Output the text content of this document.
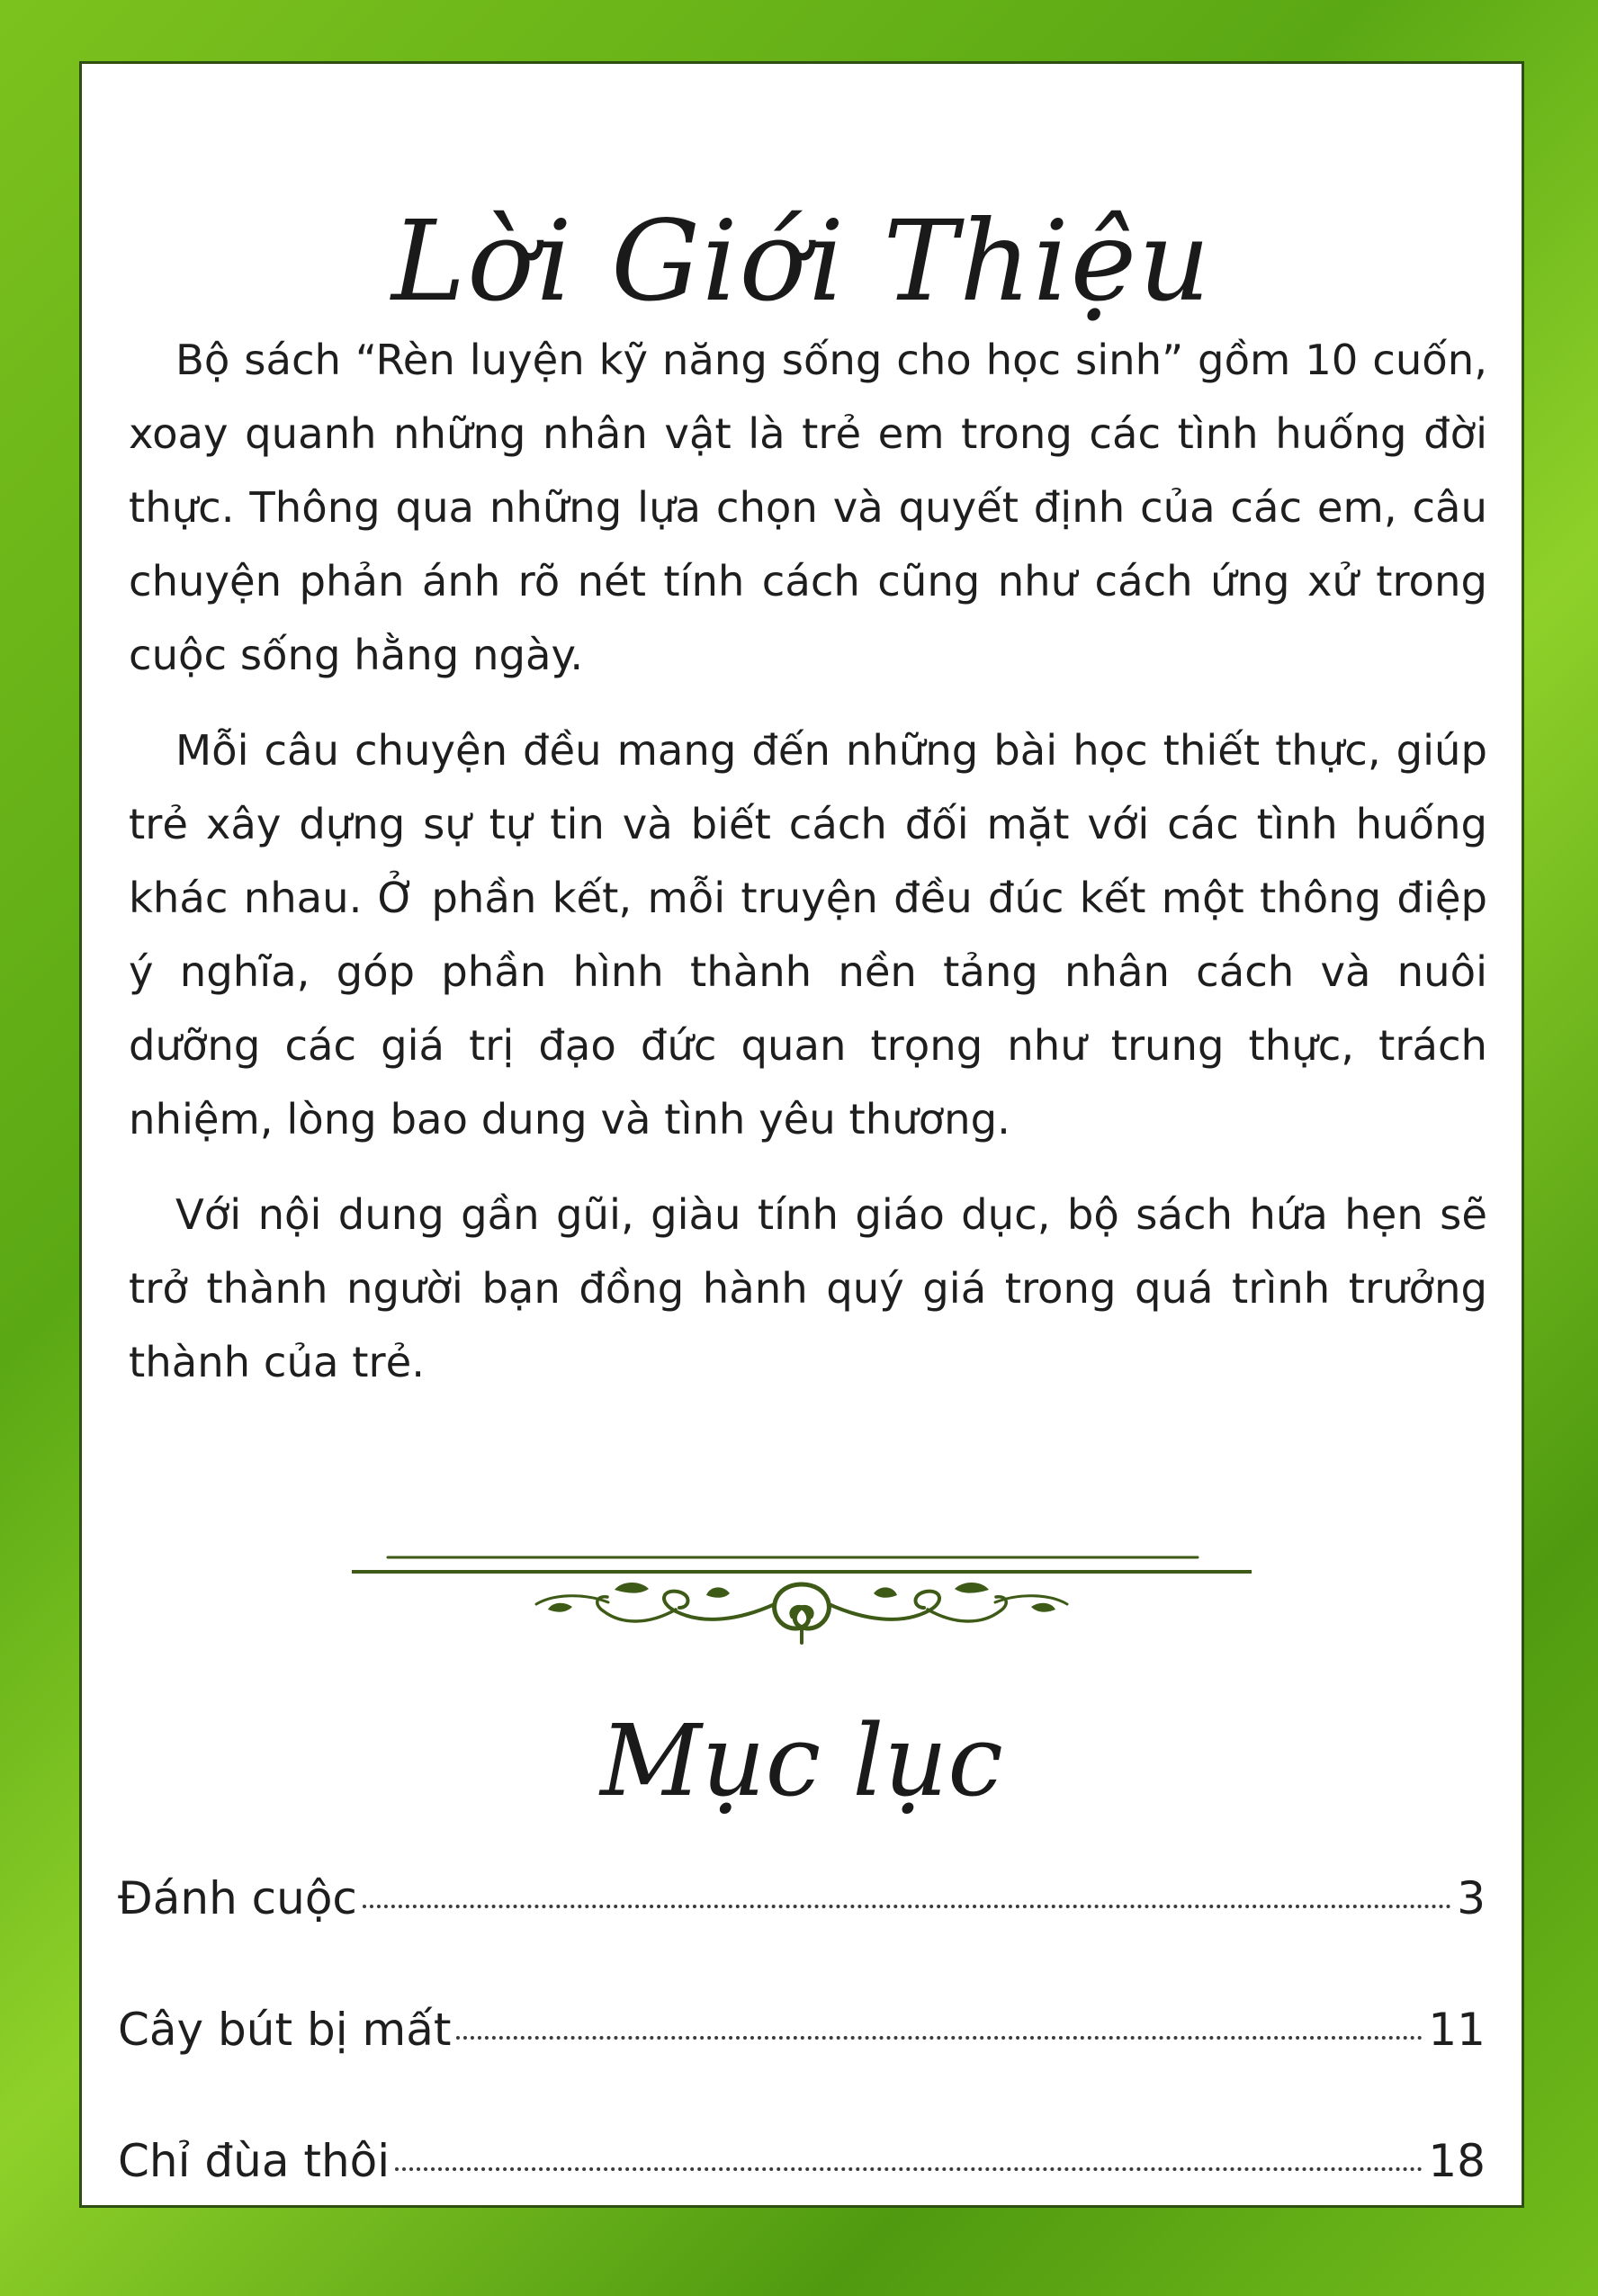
Lời Giới Thiệu

Bộ sách “Rèn luyện kỹ năng sống cho học sinh” gồm 10 cuốn, xoay quanh những nhân vật là trẻ em trong các tình huống đời thực. Thông qua những lựa chọn và quyết định của các em, câu chuyện phản ánh rõ nét tính cách cũng như cách ứng xử trong cuộc sống hằng ngày.

Mỗi câu chuyện đều mang đến những bài học thiết thực, giúp trẻ xây dựng sự tự tin và biết cách đối mặt với các tình huống khác nhau. Ở phần kết, mỗi truyện đều đúc kết một thông điệp ý nghĩa, góp phần hình thành nền tảng nhân cách và nuôi dưỡng các giá trị đạo đức quan trọng như trung thực, trách nhiệm, lòng bao dung và tình yêu thương.

Với nội dung gần gũi, giàu tính giáo dục, bộ sách hứa hẹn sẽ trở thành người bạn đồng hành quý giá trong quá trình trưởng thành của trẻ.

Mục lục
Đánh cuộc	3
Cây bút bị mất	11
Chỉ đùa thôi	18
